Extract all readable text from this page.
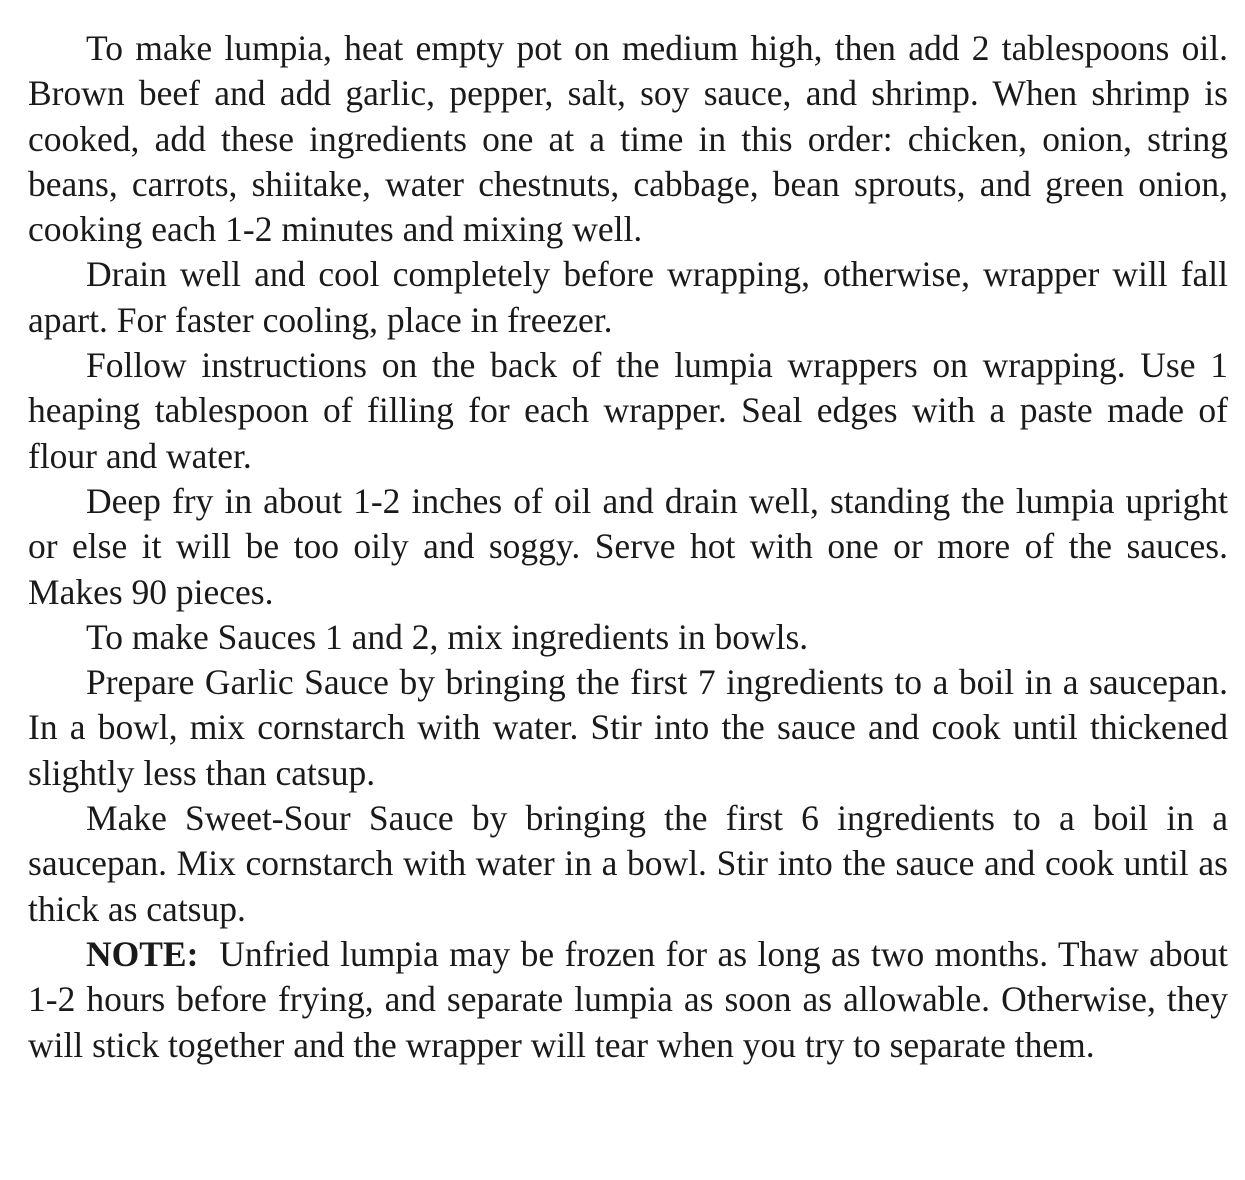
To make lumpia, heat empty pot on medium high, then add 2 tablespoons oil. Brown beef and add garlic, pepper, salt, soy sauce, and shrimp. When shrimp is cooked, add these ingredients one at a time in this order: chicken, onion, string beans, carrots, shiitake, water chestnuts, cabbage, bean sprouts, and green onion, cooking each 1-2 minutes and mixing well.

Drain well and cool completely before wrapping, otherwise, wrapper will fall apart. For faster cooling, place in freezer.

Follow instructions on the back of the lumpia wrappers on wrapping. Use 1 heaping tablespoon of filling for each wrapper. Seal edges with a paste made of flour and water.

Deep fry in about 1-2 inches of oil and drain well, standing the lumpia upright or else it will be too oily and soggy. Serve hot with one or more of the sauces. Makes 90 pieces.

To make Sauces 1 and 2, mix ingredients in bowls.

Prepare Garlic Sauce by bringing the first 7 ingredients to a boil in a saucepan. In a bowl, mix cornstarch with water. Stir into the sauce and cook until thickened slightly less than catsup.

Make Sweet-Sour Sauce by bringing the first 6 ingredients to a boil in a saucepan. Mix cornstarch with water in a bowl. Stir into the sauce and cook until as thick as catsup.

NOTE: Unfried lumpia may be frozen for as long as two months. Thaw about 1-2 hours before frying, and separate lumpia as soon as allowable. Otherwise, they will stick together and the wrapper will tear when you try to separate them.
